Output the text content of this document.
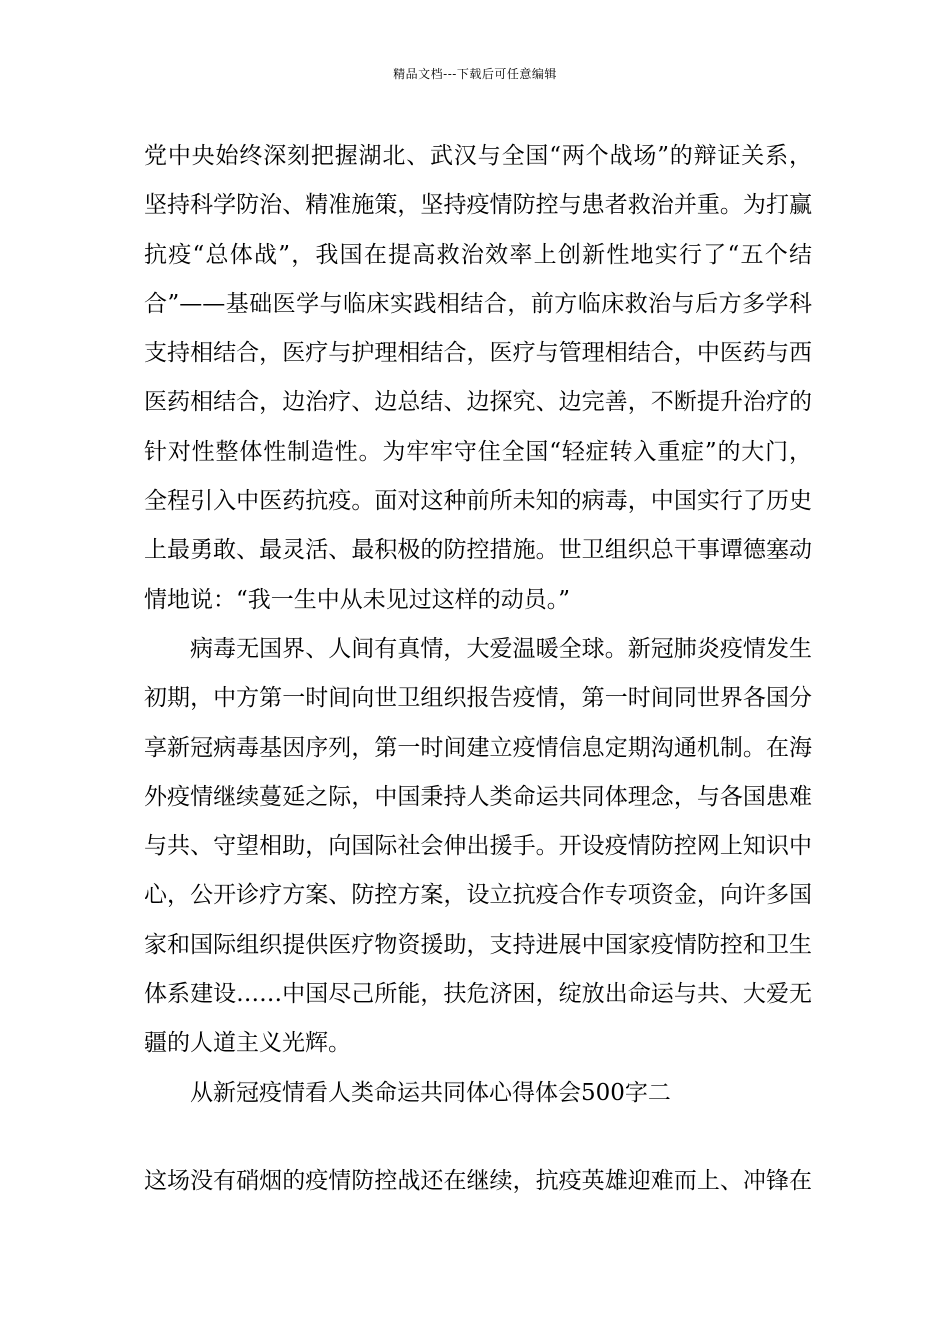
精品文档---下载后可任意编辑
党中央始终深刻把握湖北、武汉与全国“两个战场”的辩证关系，
坚持科学防治、精准施策，坚持疫情防控与患者救治并重。为打赢
抗疫“总体战”，我国在提高救治效率上创新性地实行了“五个结
合”——基础医学与临床实践相结合，前方临床救治与后方多学科
支持相结合，医疗与护理相结合，医疗与管理相结合，中医药与西
医药相结合，边治疗、边总结、边探究、边完善，不断提升治疗的
针对性整体性制造性。为牢牢守住全国“轻症转入重症”的大门，
全程引入中医药抗疫。面对这种前所未知的病毒，中国实行了历史
上最勇敢、最灵活、最积极的防控措施。世卫组织总干事谭德塞动
情地说：“我一生中从未见过这样的动员。”
病毒无国界、人间有真情，大爱温暖全球。新冠肺炎疫情发生
初期，中方第一时间向世卫组织报告疫情，第一时间同世界各国分
享新冠病毒基因序列，第一时间建立疫情信息定期沟通机制。在海
外疫情继续蔓延之际，中国秉持人类命运共同体理念，与各国患难
与共、守望相助，向国际社会伸出援手。开设疫情防控网上知识中
心，公开诊疗方案、防控方案，设立抗疫合作专项资金，向许多国
家和国际组织提供医疗物资援助，支持进展中国家疫情防控和卫生
体系建设……中国尽己所能，扶危济困，绽放出命运与共、大爱无
疆的人道主义光辉。
从新冠疫情看人类命运共同体心得体会500字二
这场没有硝烟的疫情防控战还在继续，抗疫英雄迎难而上、冲锋在
